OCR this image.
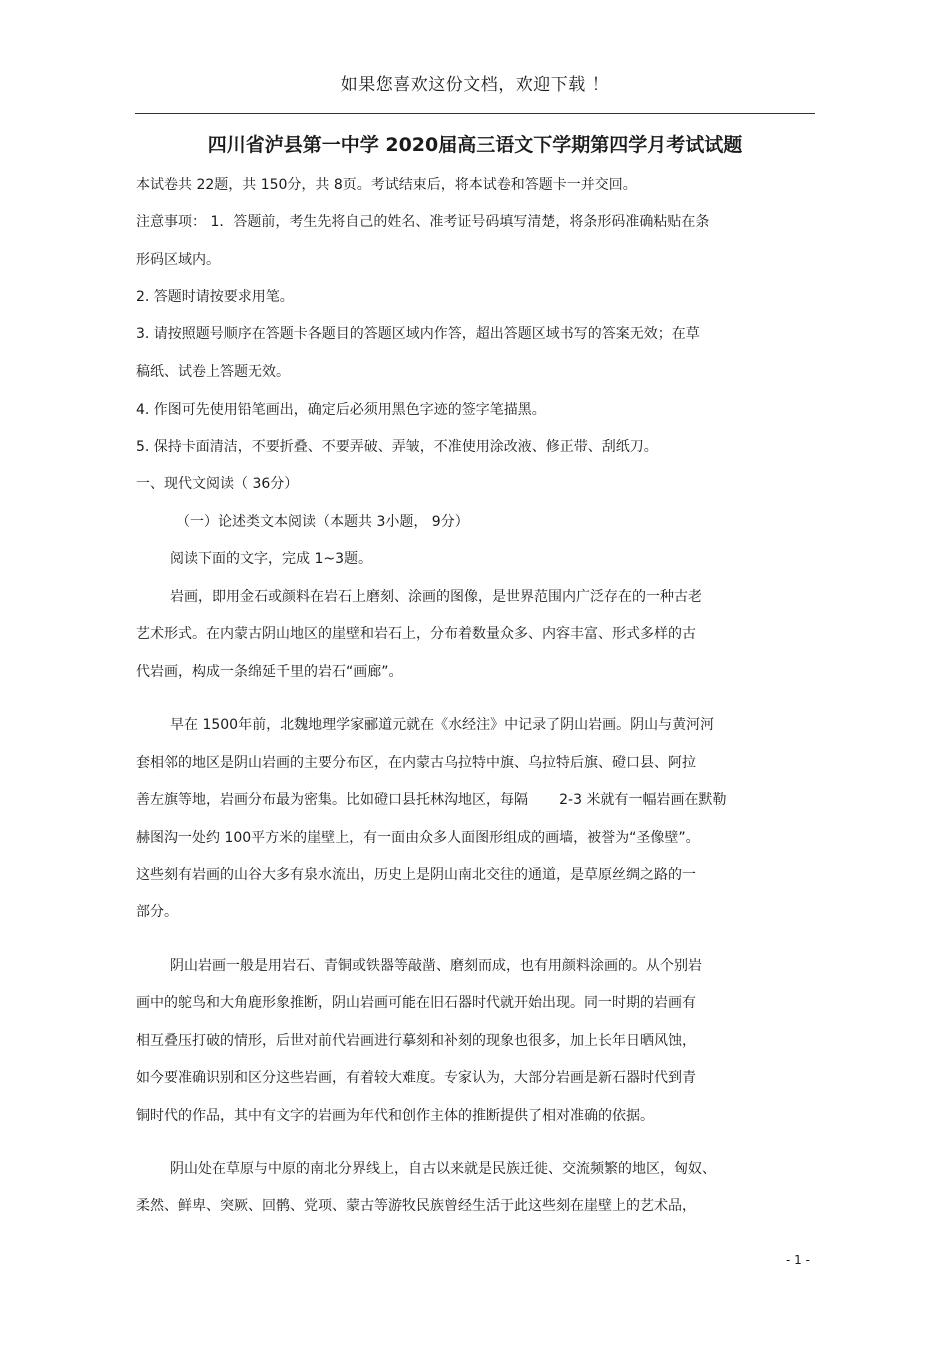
如果您喜欢这份文档，欢迎下载 ！
四川省泸县第一中学 2020届高三语文下学期第四学月考试试题
本试卷共 22题，共 150分，共 8页。考试结束后，将本试卷和答题卡一并交回。
注意事项： 1．答题前，考生先将自己的姓名、准考证号码填写清楚，将条形码准确粘贴在条
形码区域内。
2. 答题时请按要求用笔。
3. 请按照题号顺序在答题卡各题目的答题区域内作答，超出答题区域书写的答案无效；在草
稿纸、试卷上答题无效。
4. 作图可先使用铅笔画出，确定后必须用黑色字迹的签字笔描黑。
5. 保持卡面清洁，不要折叠、不要弄破、弄皱，不准使用涂改液、修正带、刮纸刀。
一、现代文阅读（ 36分）
（一）论述类文本阅读（本题共 3小题， 9分）
阅读下面的文字，完成 1~3题。
岩画，即用金石或颜料在岩石上磨刻、涂画的图像，是世界范围内广泛存在的一种古老
艺术形式。在内蒙古阴山地区的崖壁和岩石上，分布着数量众多、内容丰富、形式多样的古
代岩画，构成一条绵延千里的岩石“画廊”。
早在 1500年前，北魏地理学家郦道元就在《水经注》中记录了阴山岩画。阴山与黄河河
套相邻的地区是阴山岩画的主要分布区，在内蒙古乌拉特中旗、乌拉特后旗、磴口县、阿拉
善左旗等地，岩画分布最为密集。比如磴口县托林沟地区，每隔       2-3 米就有一幅岩画在默勒
赫图沟一处约 100平方米的崖壁上，有一面由众多人面图形组成的画墙，被誉为“圣像壁”。
这些刻有岩画的山谷大多有泉水流出，历史上是阴山南北交往的通道，是草原丝绸之路的一
部分。
阴山岩画一般是用岩石、青铜或铁器等敲凿、磨刻而成，也有用颜料涂画的。从个别岩
画中的鸵鸟和大角鹿形象推断，阴山岩画可能在旧石器时代就开始出现。同一时期的岩画有
相互叠压打破的情形，后世对前代岩画进行摹刻和补刻的现象也很多，加上长年日晒风蚀，
如今要准确识别和区分这些岩画，有着较大难度。专家认为，大部分岩画是新石器时代到青
铜时代的作品，其中有文字的岩画为年代和创作主体的推断提供了相对准确的依据。
阴山处在草原与中原的南北分界线上，自古以来就是民族迁徙、交流频繁的地区，匈奴、
柔然、鲜卑、突厥、回鹘、党项、蒙古等游牧民族曾经生活于此这些刻在崖壁上的艺术品，
- 1 -
